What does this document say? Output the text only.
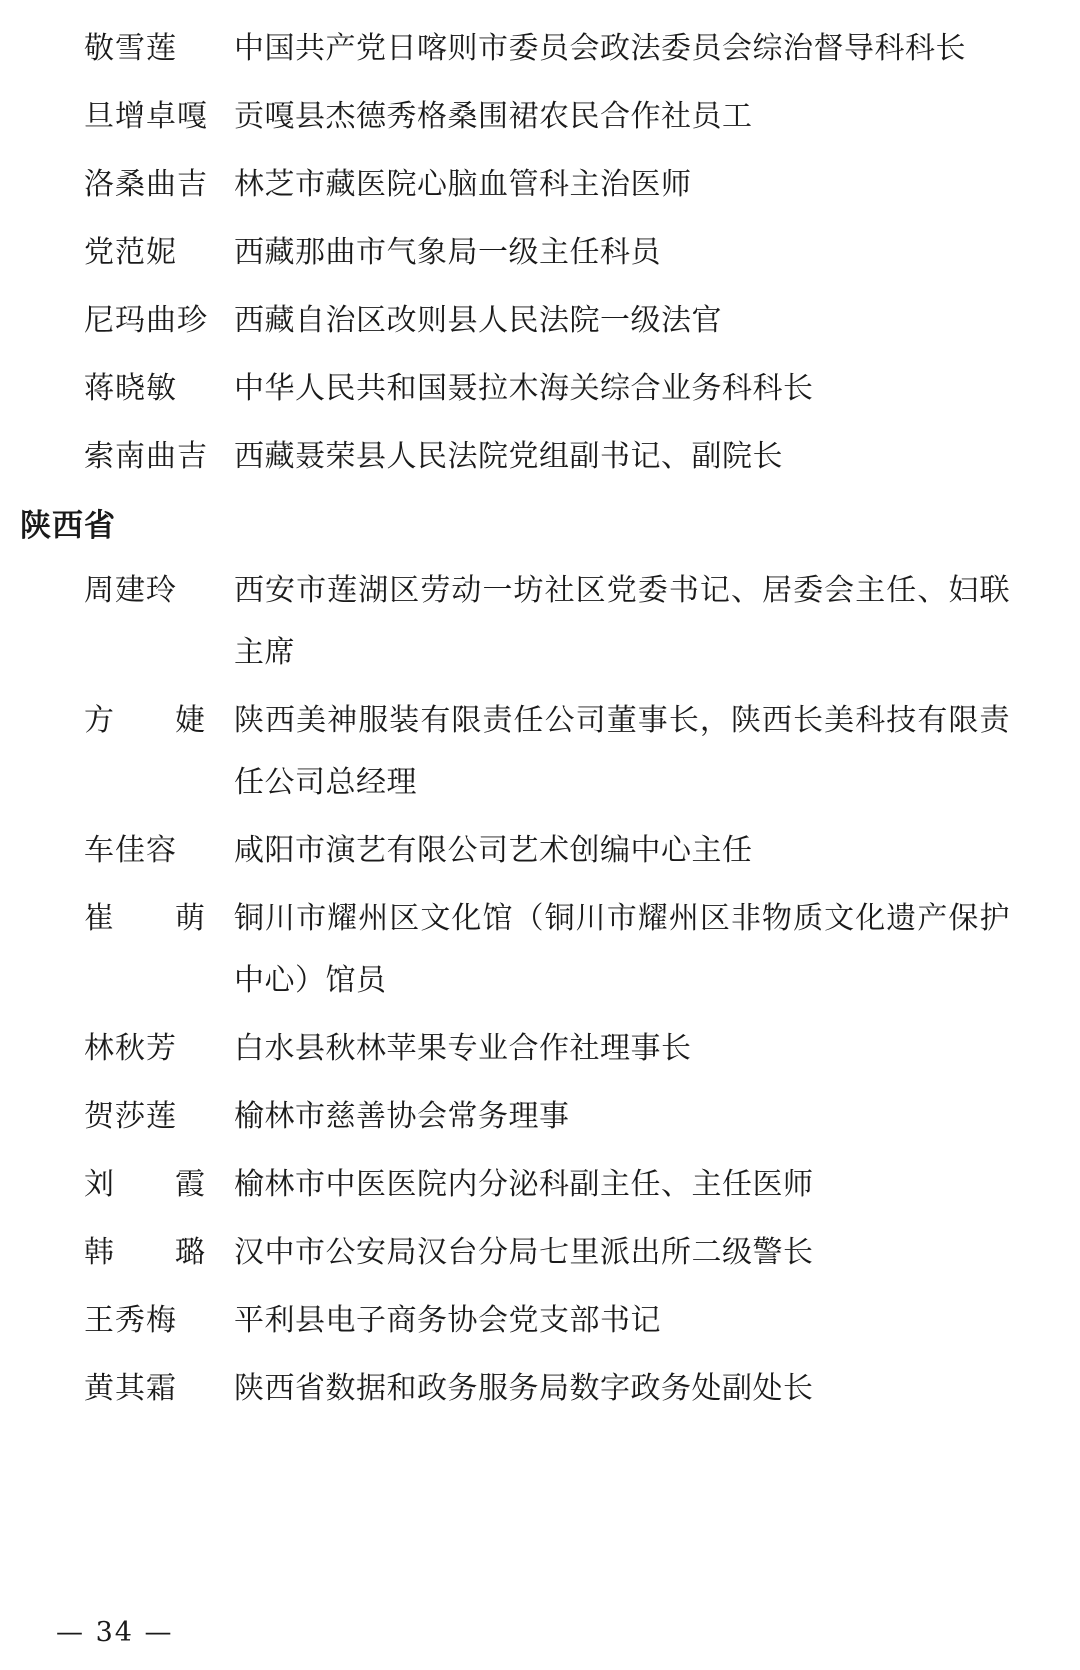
敬雪莲	中国共产党日喀则市委员会政法委员会综治督导科科长
旦增卓嘎 贡嘎县杰德秀格桑围裙农民合作社员工
洛桑曲吉 林芝市藏医院心脑血管科主治医师
党范妮	西藏那曲市气象局一级主任科员
尼玛曲珍 西藏自治区改则县人民法院一级法官
蒋晓敏	中华人民共和国聂拉木海关综合业务科科长
索南曲吉 西藏聂荣县人民法院党组副书记、副院长
陕西省
周建玲	西安市莲湖区劳动一坊社区党委书记、居委会主任、妇联主席
方 婕 陕西美神服装有限责任公司董事长，陕西长美科技有限责任公司总经理
车佳容	咸阳市演艺有限公司艺术创编中心主任
崔 萌 铜川市耀州区文化馆（铜川市耀州区非物质文化遗产保护中心）馆员
林秋芳	白水县秋林苹果专业合作社理事长
贺莎莲	榆林市慈善协会常务理事
刘 霞 榆林市中医医院内分泌科副主任、主任医师
韩 璐 汉中市公安局汉台分局七里派出所二级警长
王秀梅	平利县电子商务协会党支部书记
黄其霜	陕西省数据和政务服务局数字政务处副处长
— 34 —
